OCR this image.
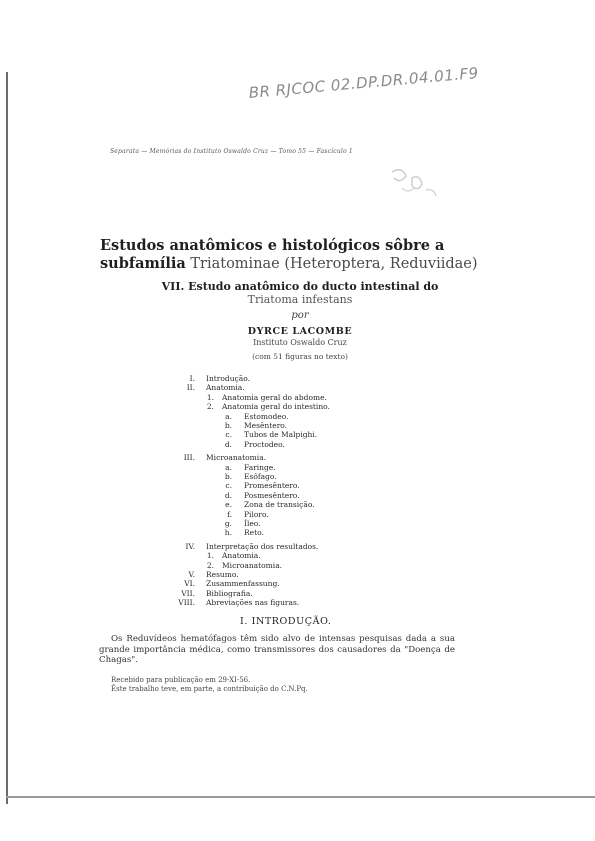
BR RJCOC 02.DP.DR.04.01.F9
Separata — Memórias do Instituto Oswaldo Cruz — Tomo 55 — Fascículo 1
Estudos anatômicos e histológicos sôbre a
subfamília Triatominae (Heteroptera, Reduviidae)
VII. Estudo anatômico do ducto intestinal do
Triatoma infestans
por
DYRCE LACOMBE
Instituto Oswaldo Cruz
(com 51 figuras no texto)
I. Introdução.
II. Anatomia.
1. Anatomia geral do abdome.
2. Anatomia geral do intestino.
a. Estomodeo.
b. Mesêntero.
c. Tubos de Malpighi.
d. Proctodeo.
III. Microanatomia.
a. Faringe.
b. Esôfago.
c. Promesêntero.
d. Posmesêntero.
e. Zona de transição.
f. Piloro.
g. Íleo.
h. Reto.
IV. Interpretação dos resultados.
1. Anatomia.
2. Microanatomia.
V. Resumo.
VI. Zusammenfassung.
VII. Bibliografia.
VIII. Abreviações nas figuras.
I. INTRODUÇÃO.
Os Reduvídeos hematófagos têm sido alvo de intensas pesquisas dada a sua grande importância médica, como transmissores dos causadores da "Doença de Chagas".
Recebido para publicação em 29-XI-56.
Êste trabalho teve, em parte, a contribuição do C.N.Pq.
